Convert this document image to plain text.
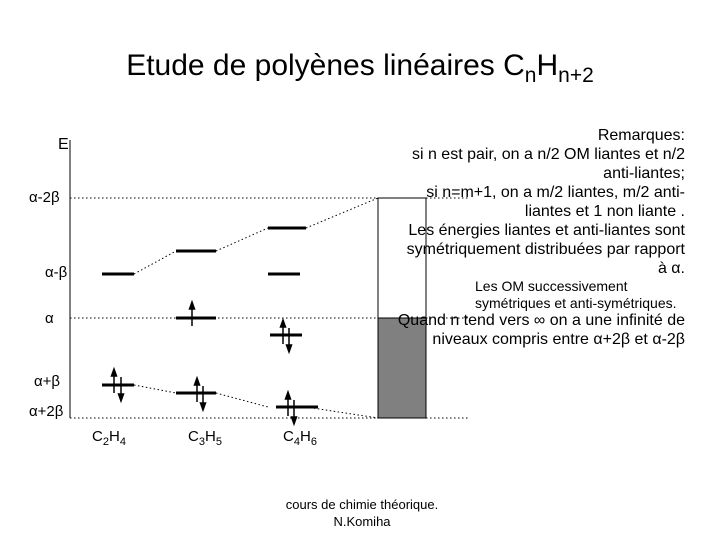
Etude de polyènes linéaires $C_nH_{n+2}$
E
α-2β
α-β
α
α+β
α+2β
$C_2H_4$	$C_3H_5$	$C_4H_6$
Remarques:
si n est pair, on a n/2 OM liantes et n/2 anti-liantes;
si n=m+1, on a m/2 liantes, m/2 anti-liantes et 1 non liante .
Les énergies liantes et anti-liantes sont symétriquement distribuées par rapport à α.
Les OM successivement symétriques et anti-symétriques.
Quand n tend vers ∞ on a une infinité de niveaux compris entre α+2β et α-2β
cours de chimie théorique.
N.Komiha
